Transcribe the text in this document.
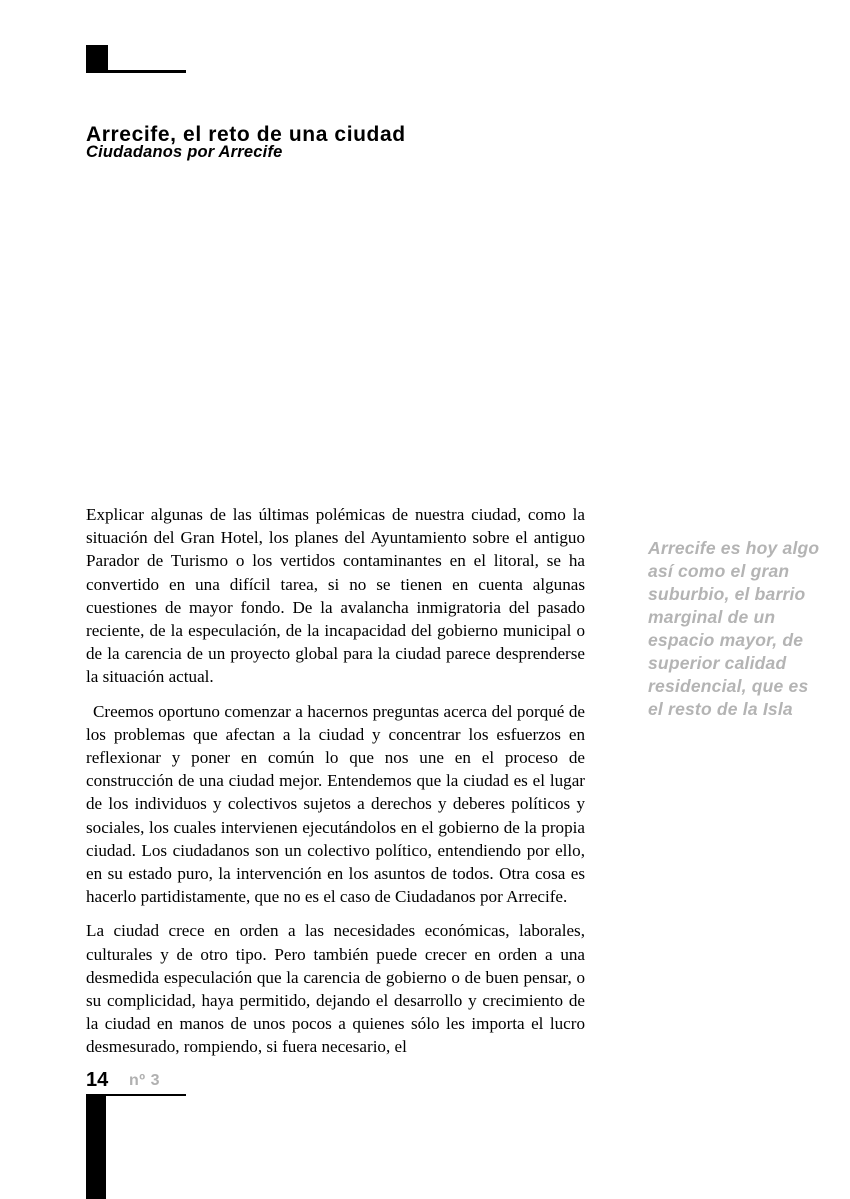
Arrecife, el reto de una ciudad
Ciudadanos por Arrecife

Explicar algunas de las últimas polémicas de nuestra ciudad, como la situación del Gran Hotel, los planes del Ayuntamiento sobre el antiguo Parador de Turismo o los vertidos contaminantes en el litoral, se ha convertido en una difícil tarea, si no se tienen en cuenta algunas cuestiones de mayor fondo. De la avalancha inmigratoria del pasado reciente, de la especulación, de la incapacidad del gobierno municipal o de la carencia de un proyecto global para la ciudad parece desprenderse la situación actual.

Creemos oportuno comenzar a hacernos preguntas acerca del porqué de los problemas que afectan a la ciudad y concentrar los esfuerzos en reflexionar y poner en común lo que nos une en el proceso de construcción de una ciudad mejor. Entendemos que la ciudad es el lugar de los individuos y colectivos sujetos a derechos y deberes políticos y sociales, los cuales intervienen ejecutándolos en el gobierno de la propia ciudad. Los ciudadanos son un colectivo político, entendiendo por ello, en su estado puro, la intervención en los asuntos de todos. Otra cosa es hacerlo partidistamente, que no es el caso de Ciudadanos por Arrecife.

La ciudad crece en orden a las necesidades económicas, laborales, culturales y de otro tipo. Pero también puede crecer en orden a una desmedida especulación que la carencia de gobierno o de buen pensar, o su complicidad, haya permitido, dejando el desarrollo y crecimiento de la ciudad en manos de unos pocos a quienes sólo les importa el lucro desmesurado, rompiendo, si fuera necesario, el

Arrecife es hoy algo así como el gran suburbio, el barrio marginal de un espacio mayor, de superior calidad residencial, que es el resto de la Isla
14 nº 3
